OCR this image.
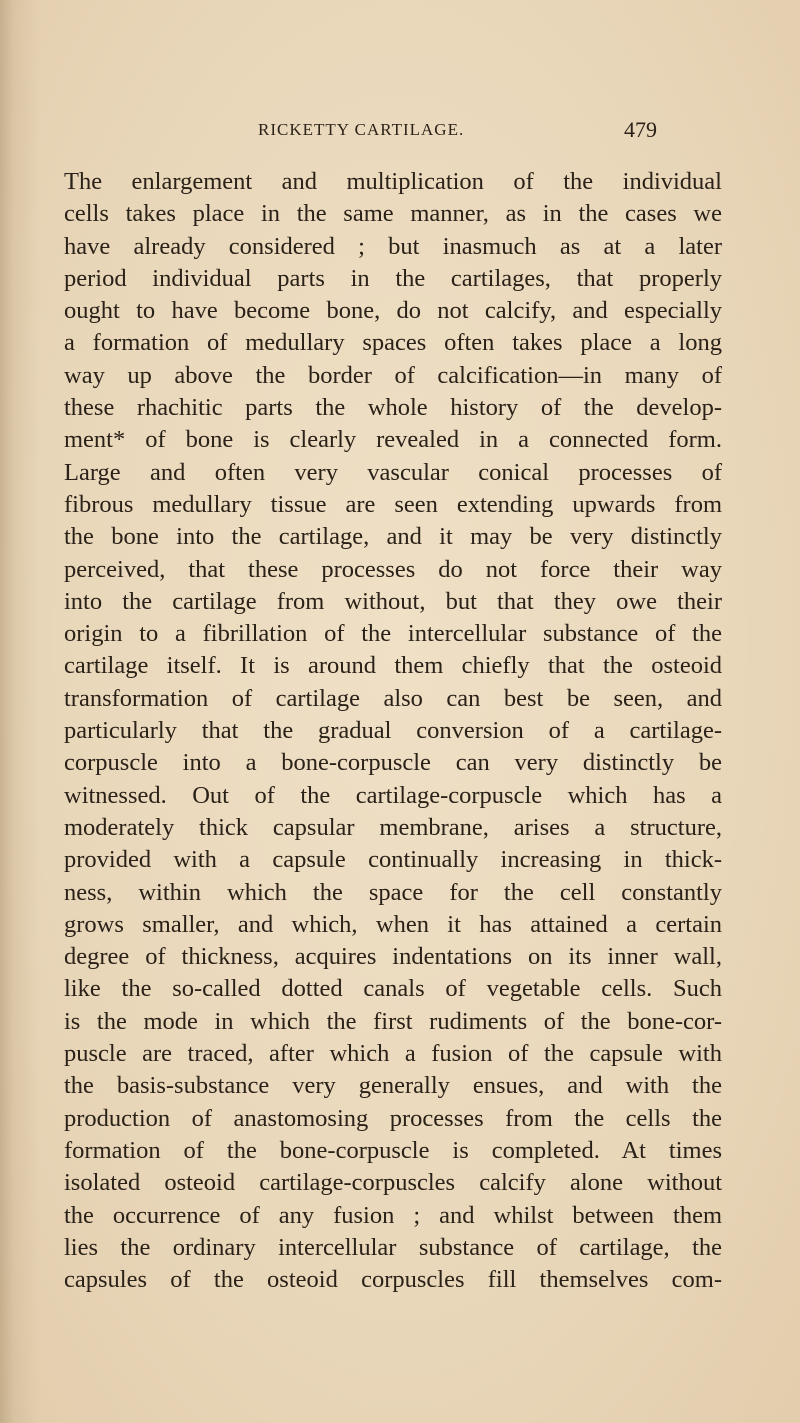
RICKETTY CARTILAGE.	479
The enlargement and multiplication of the individual
cells takes place in the same manner, as in the cases we
have already considered ; but inasmuch as at a later
period individual parts in the cartilages, that properly
ought to have become bone, do not calcify, and especially
a formation of medullary spaces often takes place a long
way up above the border of calcification—in many of
these rhachitic parts the whole history of the develop-
ment* of bone is clearly revealed in a connected form.
Large and often very vascular conical processes of
fibrous medullary tissue are seen extending upwards from
the bone into the cartilage, and it may be very distinctly
perceived, that these processes do not force their way
into the cartilage from without, but that they owe their
origin to a fibrillation of the intercellular substance of the
cartilage itself. It is around them chiefly that the osteoid
transformation of cartilage also can best be seen, and
particularly that the gradual conversion of a cartilage-
corpuscle into a bone-corpuscle can very distinctly be
witnessed. Out of the cartilage-corpuscle which has a
moderately thick capsular membrane, arises a structure,
provided with a capsule continually increasing in thick-
ness, within which the space for the cell constantly
grows smaller, and which, when it has attained a certain
degree of thickness, acquires indentations on its inner wall,
like the so-called dotted canals of vegetable cells. Such
is the mode in which the first rudiments of the bone-cor-
puscle are traced, after which a fusion of the capsule with
the basis-substance very generally ensues, and with the
production of anastomosing processes from the cells the
formation of the bone-corpuscle is completed. At times
isolated osteoid cartilage-corpuscles calcify alone without
the occurrence of any fusion ; and whilst between them
lies the ordinary intercellular substance of cartilage, the
capsules of the osteoid corpuscles fill themselves com-
